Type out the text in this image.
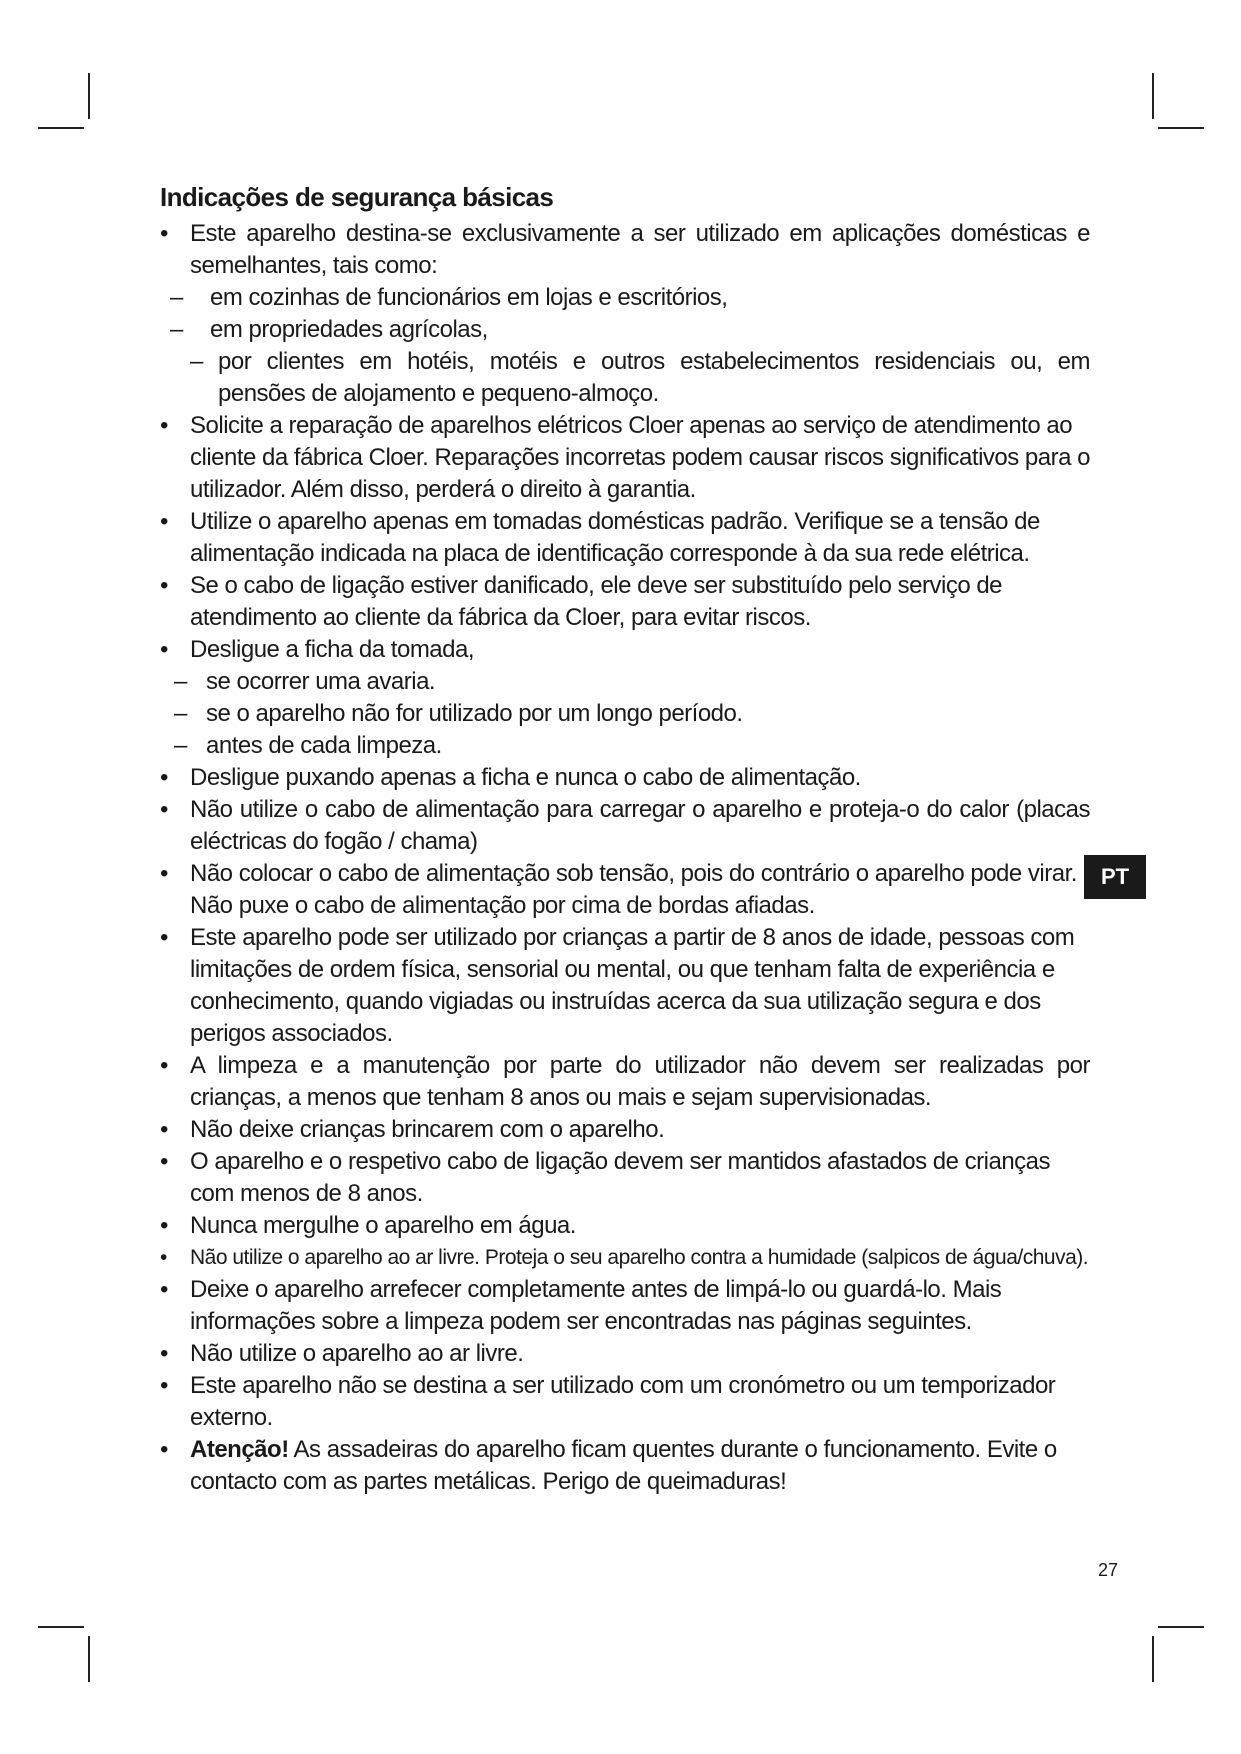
Indicações de segurança básicas
• Este aparelho destina-se exclusivamente a ser utilizado em aplicações domésticas e semelhantes, tais como:
– em cozinhas de funcionários em lojas e escritórios,
– em propriedades agrícolas,
– por clientes em hotéis, motéis e outros estabelecimentos residenciais ou, em pensões de alojamento e pequeno-almoço.
• Solicite a reparação de aparelhos elétricos Cloer apenas ao serviço de atendimento ao cliente da fábrica Cloer. Reparações incorretas podem causar riscos significativos para o utilizador. Além disso, perderá o direito à garantia.
• Utilize o aparelho apenas em tomadas domésticas padrão. Verifique se a tensão de alimentação indicada na placa de identificação corresponde à da sua rede elétrica.
• Se o cabo de ligação estiver danificado, ele deve ser substituído pelo serviço de atendimento ao cliente da fábrica da Cloer, para evitar riscos.
• Desligue a ficha da tomada,
– se ocorrer uma avaria.
– se o aparelho não for utilizado por um longo período.
– antes de cada limpeza.
• Desligue puxando apenas a ficha e nunca o cabo de alimentação.
• Não utilize o cabo de alimentação para carregar o aparelho e proteja-o do calor (placas eléctricas do fogão / chama)
• Não colocar o cabo de alimentação sob tensão, pois do contrário o aparelho pode virar. Não puxe o cabo de alimentação por cima de bordas afiadas.
• Este aparelho pode ser utilizado por crianças a partir de 8 anos de idade, pessoas com limitações de ordem física, sensorial ou mental, ou que tenham falta de experiência e conhecimento, quando vigiadas ou instruídas acerca da sua utilização segura e dos perigos associados.
• A limpeza e a manutenção por parte do utilizador não devem ser realizadas por crianças, a menos que tenham 8 anos ou mais e sejam supervisionadas.
• Não deixe crianças brincarem com o aparelho.
• O aparelho e o respetivo cabo de ligação devem ser mantidos afastados de crianças com menos de 8 anos.
• Nunca mergulhe o aparelho em água.
• Não utilize o aparelho ao ar livre. Proteja o seu aparelho contra a humidade (salpicos de água/chuva).
• Deixe o aparelho arrefecer completamente antes de limpá-lo ou guardá-lo. Mais informações sobre a limpeza podem ser encontradas nas páginas seguintes.
• Não utilize o aparelho ao ar livre.
• Este aparelho não se destina a ser utilizado com um cronómetro ou um temporizador externo.
• Atenção! As assadeiras do aparelho ficam quentes durante o funcionamento. Evite o contacto com as partes metálicas. Perigo de queimaduras!
PT
27
